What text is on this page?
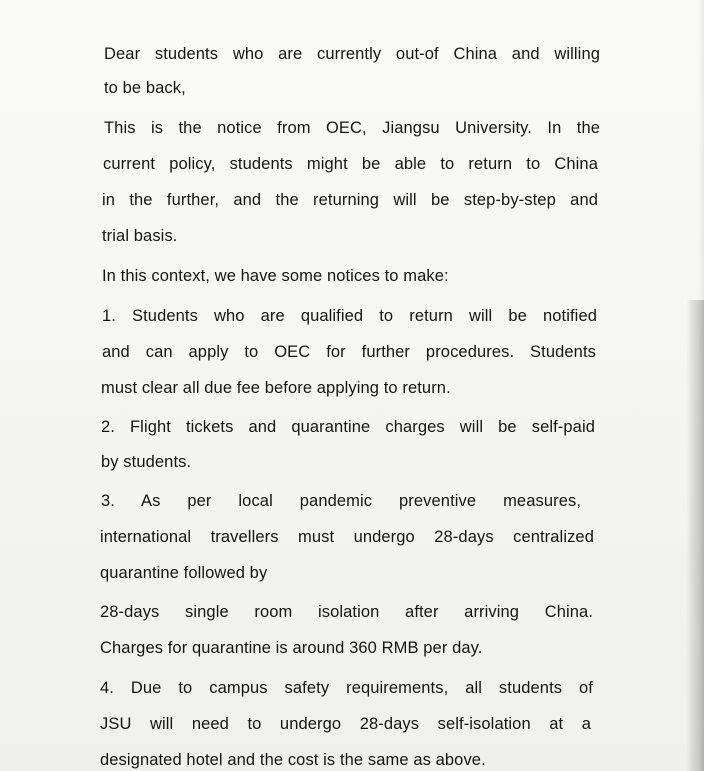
Dear students who are currently out-of China and willing
to be back,
This is the notice from OEC, Jiangsu University. In the
current policy, students might be able to return to China
in the further, and the returning will be step-by-step and
trial basis.
In this context, we have some notices to make:
1. Students who are qualified to return will be notified
and can apply to OEC for further procedures. Students
must clear all due fee before applying to return.
2. Flight tickets and quarantine charges will be self-paid
by students.
3. As per local pandemic preventive measures,
international travellers must undergo 28-days centralized
quarantine followed by
28-days single room isolation after arriving China.
Charges for quarantine is around 360 RMB per day.
4. Due to campus safety requirements, all students of
JSU will need to undergo 28-days self-isolation at a
designated hotel and the cost is the same as above.
